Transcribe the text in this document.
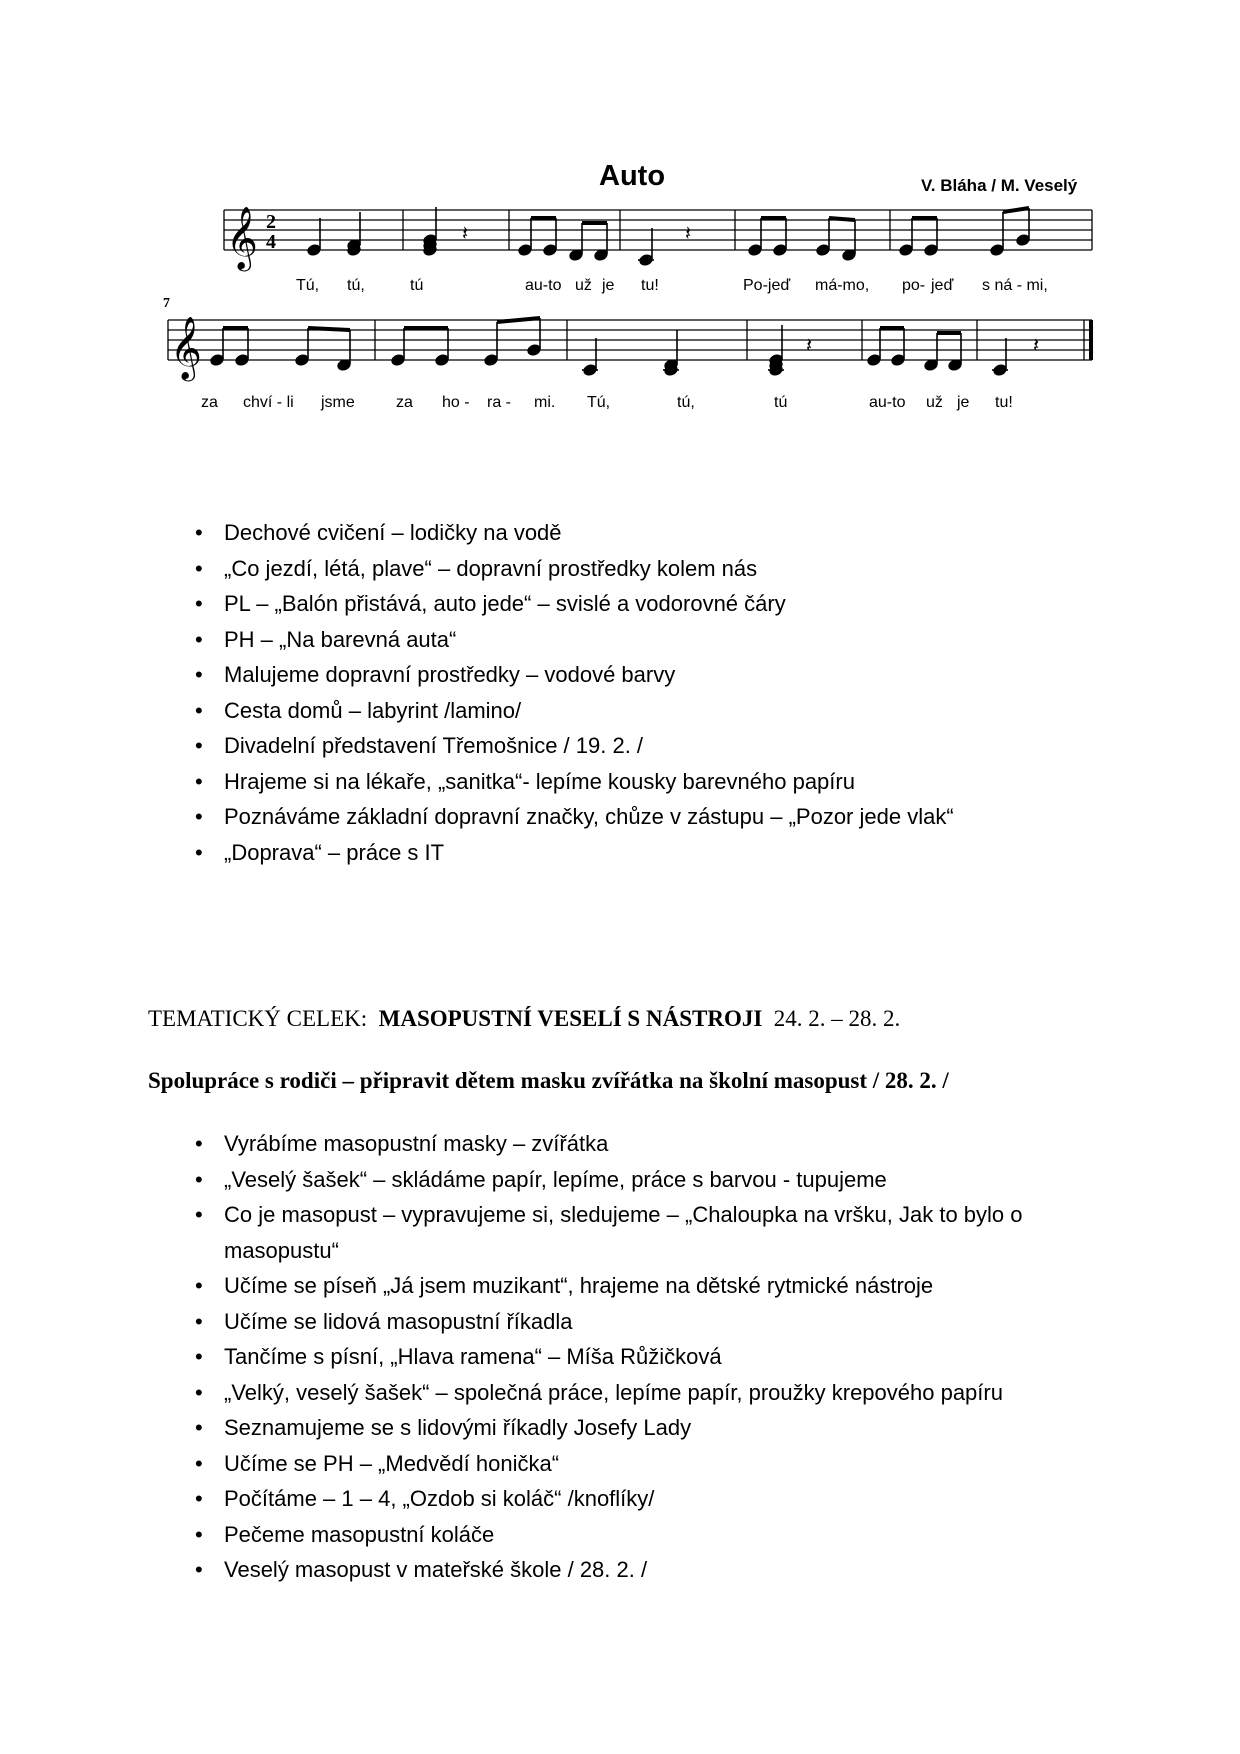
𝄞 2
4	𝄽	𝄽
𝄞	𝄽	𝄽
Auto	V. Bláha / M. Veselý
7
Tú, tú,	tú	au-to už je tu!	Po-jeď má-mo, po- jeď s ná - mi,
za chví - li jsme	za ho - ra - mi. Tú,	tú,	tú	au-to už je tu!
• Dechové cvičení – lodičky na vodě
• „Co jezdí, létá, plave“ – dopravní prostředky kolem nás
• PL – „Balón přistává, auto jede“ – svislé a vodorovné čáry
• PH – „Na barevná auta“
• Malujeme dopravní prostředky – vodové barvy
• Cesta domů – labyrint /lamino/
• Divadelní představení Třemošnice / 19. 2. /
• Hrajeme si na lékaře, „sanitka“- lepíme kousky barevného papíru
• Poznáváme základní dopravní značky, chůze v zástupu – „Pozor jede vlak“
• „Doprava“ – práce s IT
TEMATICKÝ CELEK: MASOPUSTNÍ VESELÍ S NÁSTROJI 24. 2. – 28. 2.
Spolupráce s rodiči – připravit dětem masku zvířátka na školní masopust / 28. 2. /
• Vyrábíme masopustní masky – zvířátka
• „Veselý šašek“ – skládáme papír, lepíme, práce s barvou - tupujeme
• Co je masopust – vypravujeme si, sledujeme – „Chaloupka na vršku, Jak to bylo o
masopustu“
• Učíme se píseň „Já jsem muzikant“, hrajeme na dětské rytmické nástroje
• Učíme se lidová masopustní říkadla
• Tančíme s písní, „Hlava ramena“ – Míša Růžičková
• „Velký, veselý šašek“ – společná práce, lepíme papír, proužky krepového papíru
• Seznamujeme se s lidovými říkadly Josefy Lady
• Učíme se PH – „Medvědí honička“
• Počítáme – 1 – 4, „Ozdob si koláč“ /knoflíky/
• Pečeme masopustní koláče
• Veselý masopust v mateřské škole / 28. 2. /
